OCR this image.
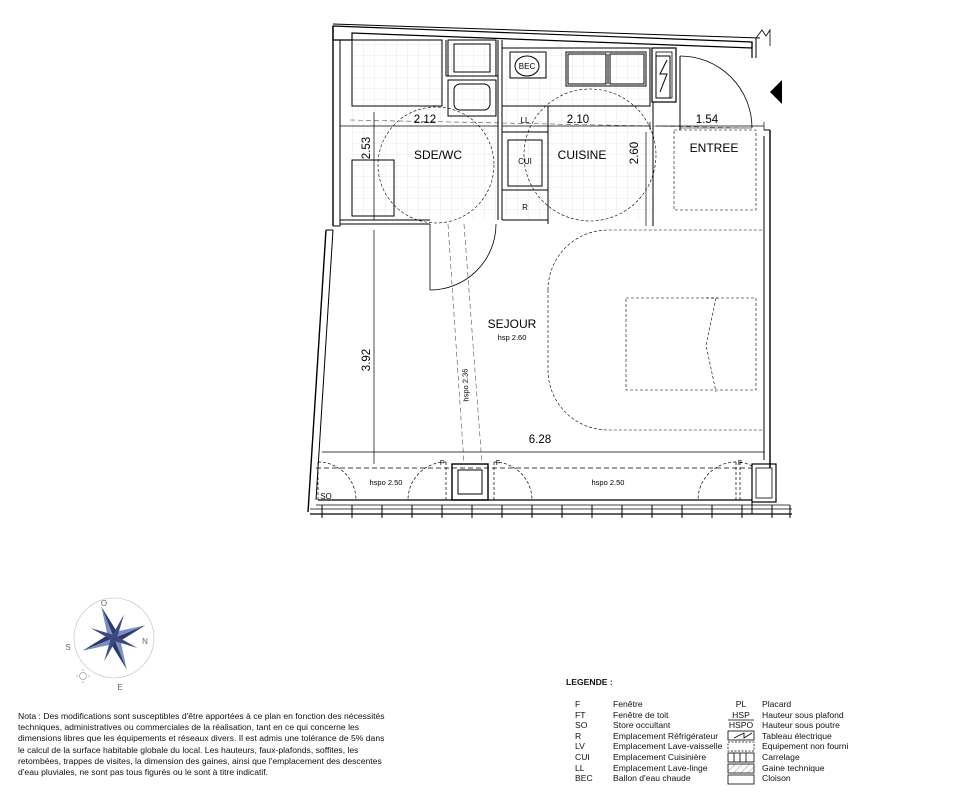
SDE/WC	CUISINE	ENTREE
SEJOUR
hsp 2.60
2.12	2.10	1.54
2.53	2.60
3.92
6.28
hspo 2.50	hspo 2.50
hspo 2.36
BEC
LL
CUI
R
SO
F	F	F
O
N
S
E
Nota : Des modifications sont susceptibles d'être apportées à ce plan en fonction des nécessités techniques, administratives ou commerciales de la réalisation, tant en ce qui concerne les dimensions libres que les équipements et réseaux divers. Il est admis une tolérance de 5% dans le calcul de la surface habitable globale du local. Les hauteurs, faux-plafonds, soffites, les retombées, trappes de visites, la dimension des gaines, ainsi que l'emplacement des descentes d'eau pluviales, ne sont pas tous figurés ou le sont à titre indicatif.
LEGENDE :
F	Fenêtre
FT	Fenêtre de toit
SO	Store occultant
R	Emplacement Réfrigérateur
LV	Emplacement Lave-vaisselle
CUI	Emplacement Cuisinière
LL	Emplacement Lave-linge
BEC	Ballon d'eau chaude
PL	Placard
HSP	Hauteur sous plafond
HSPO Hauteur sous poutre
Tableau électrique
Equipement non fourni
Carrelage
Gaine technique
Cloison
